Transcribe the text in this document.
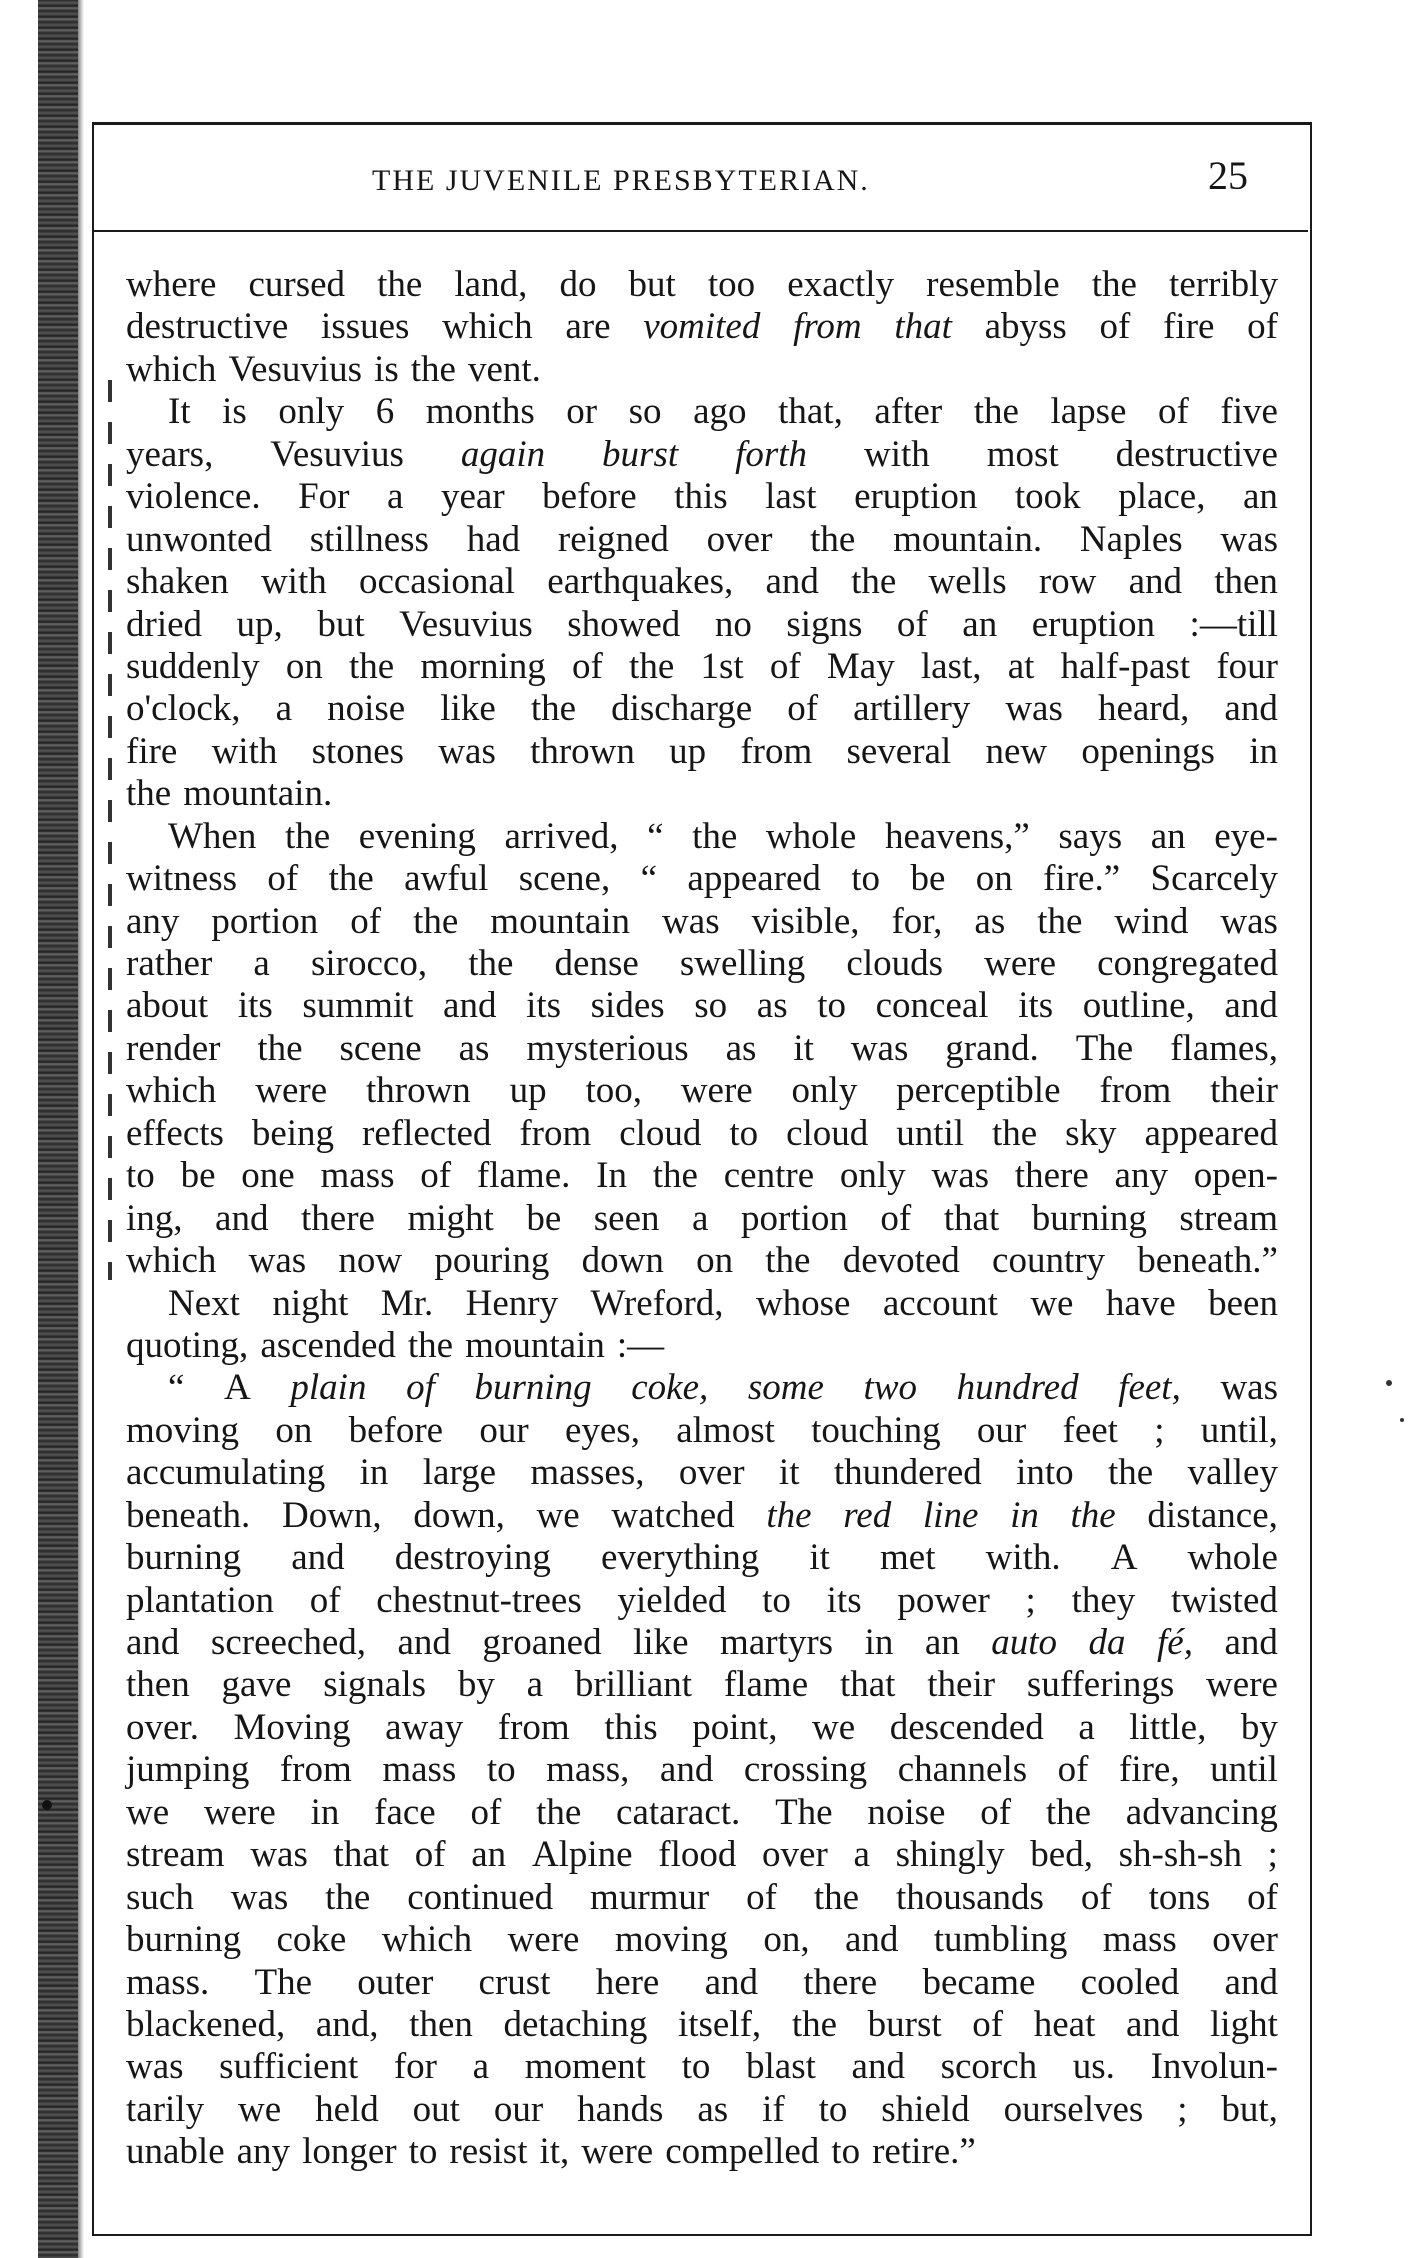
THE JUVENILE PRESBYTERIAN.	25
where cursed the land, do but too exactly resemble the terribly
destructive issues which are vomited from that abyss of fire of
which Vesuvius is the vent.
It is only 6 months or so ago that, after the lapse of five
years, Vesuvius again burst forth with most destructive
violence. For a year before this last eruption took place, an
unwonted stillness had reigned over the mountain. Naples was
shaken with occasional earthquakes, and the wells row and then
dried up, but Vesuvius showed no signs of an eruption :—till
suddenly on the morning of the 1st of May last, at half-past four
o'clock, a noise like the discharge of artillery was heard, and
fire with stones was thrown up from several new openings in
the mountain.
When the evening arrived, “ the whole heavens,” says an eye-
witness of the awful scene, “ appeared to be on fire.” Scarcely
any portion of the mountain was visible, for, as the wind was
rather a sirocco, the dense swelling clouds were congregated
about its summit and its sides so as to conceal its outline, and
render the scene as mysterious as it was grand. The flames,
which were thrown up too, were only perceptible from their
effects being reflected from cloud to cloud until the sky appeared
to be one mass of flame. In the centre only was there any open-
ing, and there might be seen a portion of that burning stream
which was now pouring down on the devoted country beneath.”
Next night Mr. Henry Wreford, whose account we have been
quoting, ascended the mountain :—
“ A plain of burning coke, some two hundred feet, was
moving on before our eyes, almost touching our feet ; until,
accumulating in large masses, over it thundered into the valley
beneath. Down, down, we watched the red line in the distance,
burning and destroying everything it met with. A whole
plantation of chestnut-trees yielded to its power ; they twisted
and screeched, and groaned like martyrs in an auto da fé, and
then gave signals by a brilliant flame that their sufferings were
over. Moving away from this point, we descended a little, by
jumping from mass to mass, and crossing channels of fire, until
we were in face of the cataract. The noise of the advancing
stream was that of an Alpine flood over a shingly bed, sh-sh-sh ;
such was the continued murmur of the thousands of tons of
burning coke which were moving on, and tumbling mass over
mass. The outer crust here and there became cooled and
blackened, and, then detaching itself, the burst of heat and light
was sufficient for a moment to blast and scorch us. Involun-
tarily we held out our hands as if to shield ourselves ; but,
unable any longer to resist it, were compelled to retire.”
